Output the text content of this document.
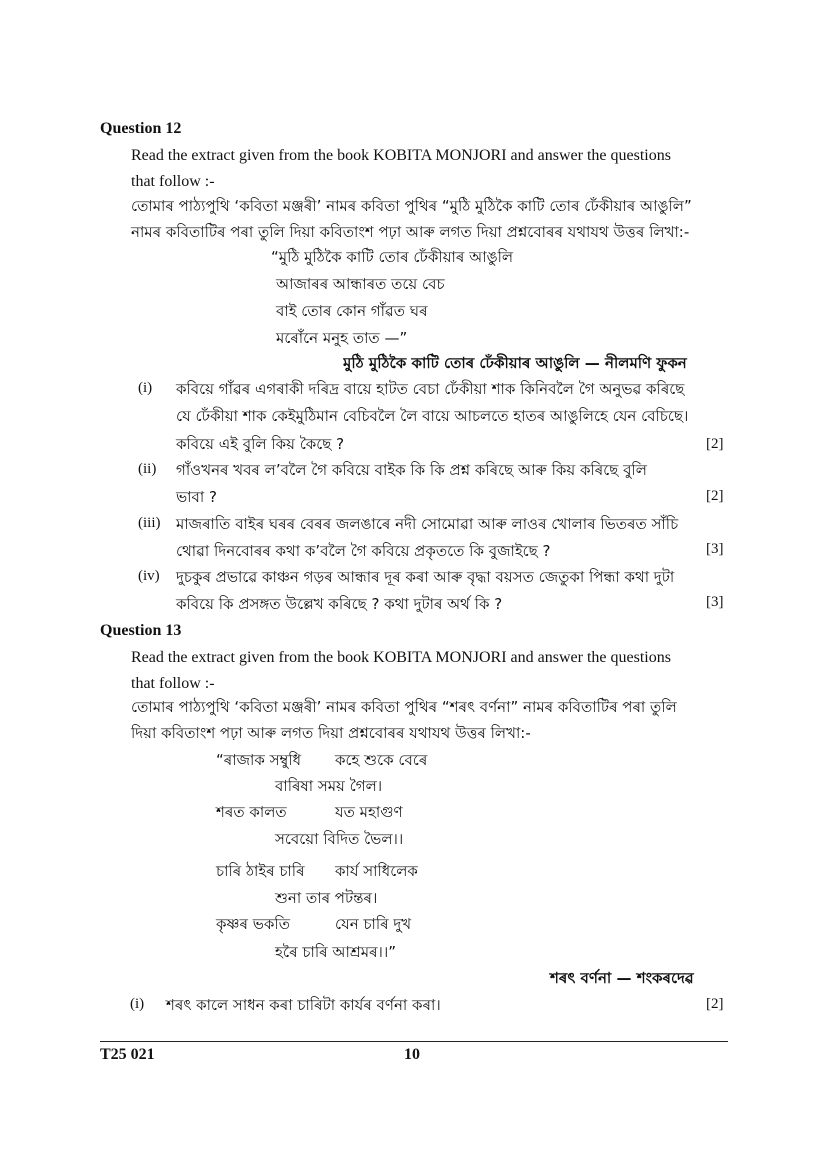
Question 12
Read the extract given from the book KOBITA MONJORI and answer the questions
that follow :-
তোমাৰ পাঠ্যপুথি ‘কবিতা মঞ্জৰী’ নামৰ কবিতা পুথিৰ “মুঠি মুঠিকৈ কাটি তোৰ ঢেঁকীয়াৰ আঙুলি”
নামৰ কবিতাটিৰ পৰা তুলি দিয়া কবিতাংশ পঢ়া আৰু লগত দিয়া প্ৰশ্নবোৰৰ যথাযথ উত্তৰ লিখা:-
“মুঠি মুঠিকৈ কাটি তোৰ ঢেঁকীয়াৰ আঙুলি
আজাৰৰ আন্ধাৰত তয়ে বেচ
বাই তোৰ কোন গাঁৱত ঘৰ
মৰোঁনে মনুহ তাত —”
মুঠি মুঠিকৈ কাটি তোৰ ঢেঁকীয়াৰ আঙুলি — নীলমণি ফুকন
(i) কবিয়ে গাঁৱৰ এগৰাকী দৰিদ্ৰ বায়ে হাটত বেচা ঢেঁকীয়া শাক কিনিবলৈ গৈ অনুভৱ কৰিছে
যে ঢেঁকীয়া শাক কেইমুঠিমান বেচিবলৈ লৈ বায়ে আচলতে হাতৰ আঙুলিহে যেন বেচিছে।
কবিয়ে এই বুলি কিয় কৈছে ?	[2]
(ii) গাঁওখনৰ খবৰ ল’বলৈ গৈ কবিয়ে বাইক কি কি প্ৰশ্ন কৰিছে আৰু কিয় কৰিছে বুলি
ভাবা ?	[2]
(iii) মাজৰাতি বাইৰ ঘৰৰ বেৰৰ জলঙাৰে নদী সোমোৱা আৰু লাওৰ খোলাৰ ভিতৰত সাঁচি
থোৱা দিনবোৰৰ কথা ক’বলৈ গৈ কবিয়ে প্ৰকৃততে কি বুজাইছে ?	[3]
(iv) দুচকুৰ প্ৰভাৱে কাঞ্চন গড়ৰ আন্ধাৰ দূৰ কৰা আৰু বৃদ্ধা বয়সত জেতুকা পিন্ধা কথা দুটা
কবিয়ে কি প্ৰসঙ্গত উল্লেখ কৰিছে ? কথা দুটাৰ অৰ্থ কি ?	[3]
Question 13
Read the extract given from the book KOBITA MONJORI and answer the questions
that follow :-
তোমাৰ পাঠ্যপুথি ‘কবিতা মঞ্জৰী’ নামৰ কবিতা পুথিৰ “শৰৎ বৰ্ণনা” নামৰ কবিতাটিৰ পৰা তুলি
দিয়া কবিতাংশ পঢ়া আৰু লগত দিয়া প্ৰশ্নবোৰৰ যথাযথ উত্তৰ লিখা:-
“ৰাজাক সম্বুধি কহে শুকে বেৰে
বাৰিষা সময় গৈল।
শৰত কালত	যত মহাগুণ
সবেয়ো বিদিত ভৈল।।
চাৰি ঠাইৰ চাৰি কাৰ্য সাধিলেক
শুনা তাৰ পটন্তৰ।
কৃষ্ণৰ ভকতি	যেন চাৰি দুখ
হৰৈ চাৰি আশ্ৰমৰ।।”
শৰৎ বৰ্ণনা — শংকৰদেৱ
(i) শৰৎ কালে সাধন কৰা চাৰিটা কাৰ্যৰ বৰ্ণনা কৰা।	[2]
T25 021	10
